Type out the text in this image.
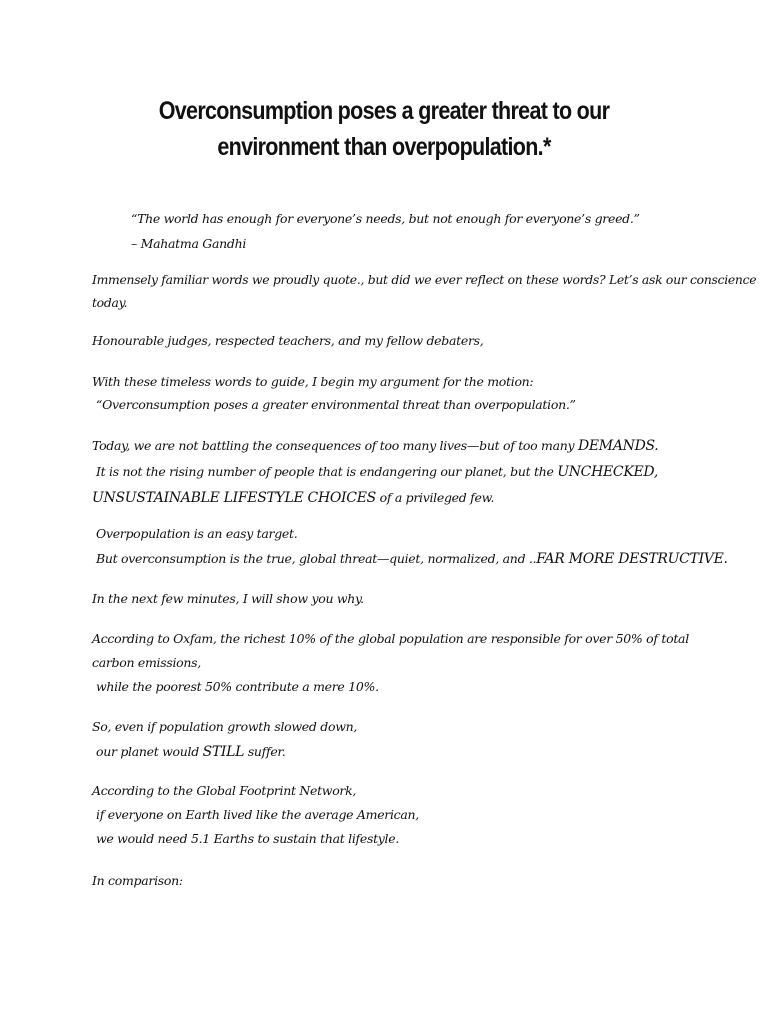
Overconsumption poses a greater threat to our
environment than overpopulation.*
“The world has enough for everyone’s needs, but not enough for everyone’s greed.”
– Mahatma Gandhi
Immensely familiar words we proudly quote., but did we ever reflect on these words? Let’s ask our conscience
today.
Honourable judges, respected teachers, and my fellow debaters,
With these timeless words to guide, I begin my argument for the motion:
“Overconsumption poses a greater environmental threat than overpopulation.”
Today, we are not battling the consequences of too many lives—but of too many DEMANDS.
It is not the rising number of people that is endangering our planet, but the UNCHECKED,
UNSUSTAINABLE LIFESTYLE CHOICES of a privileged few.
Overpopulation is an easy target.
But overconsumption is the true, global threat—quiet, normalized, and ..FAR MORE DESTRUCTIVE.
In the next few minutes, I will show you why.
According to Oxfam, the richest 10% of the global population are responsible for over 50% of total
carbon emissions,
while the poorest 50% contribute a mere 10%.
So, even if population growth slowed down,
our planet would STILL suffer.
According to the Global Footprint Network,
if everyone on Earth lived like the average American,
we would need 5.1 Earths to sustain that lifestyle.
In comparison:
